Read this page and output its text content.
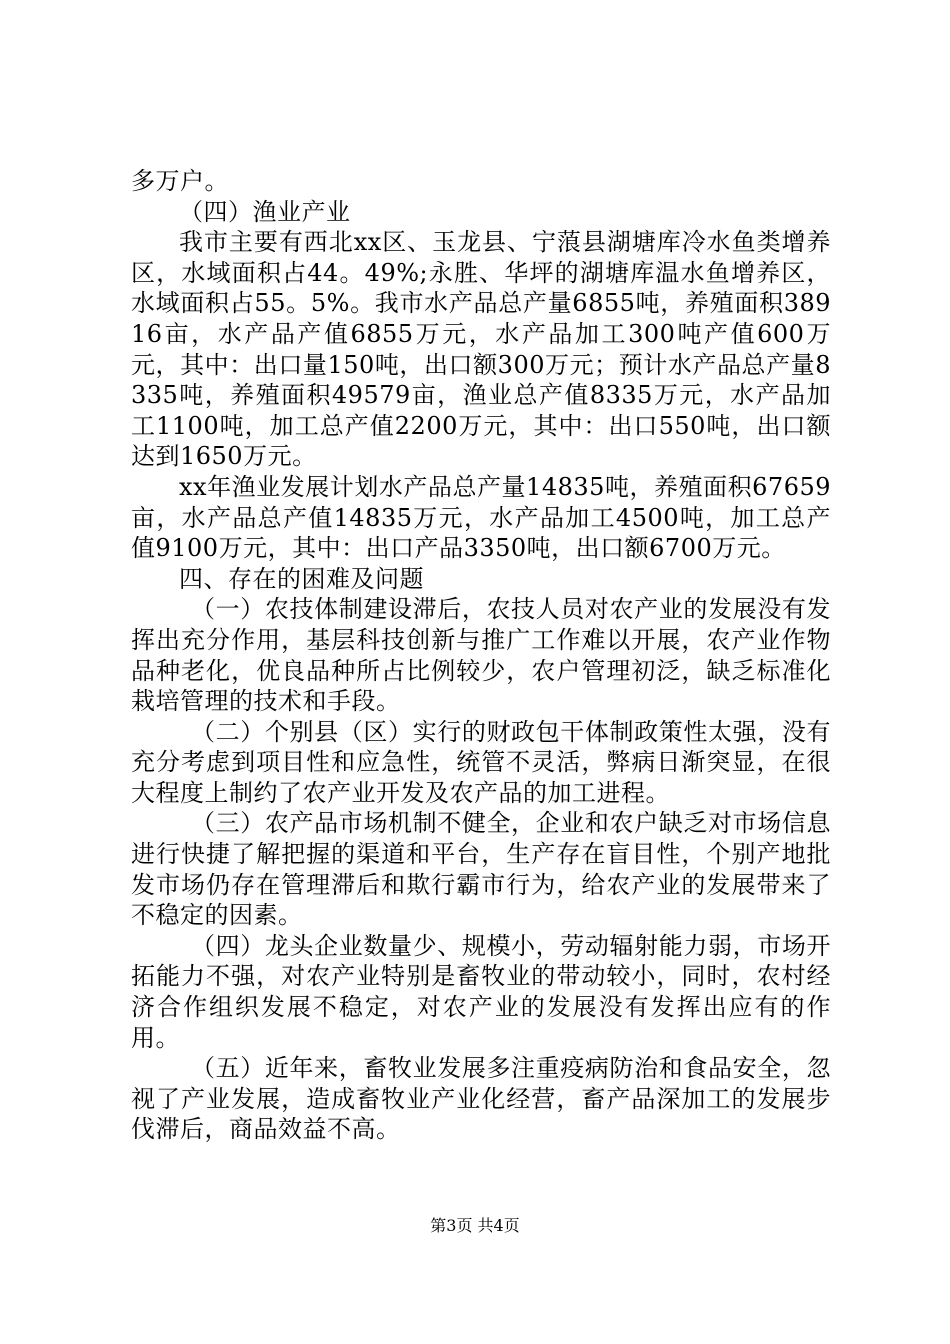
多万户。

（四）渔业产业

我市主要有西北xx区、玉龙县、宁蒗县湖塘库冷水鱼类增养区，水域面积占44。49%;永胜、华坪的湖塘库温水鱼增养区，水域面积占55。5%。我市水产品总产量6855吨，养殖面积38916亩，水产品产值6855万元，水产品加工300吨产值600万元，其中：出口量150吨，出口额300万元；预计水产品总产量8335吨，养殖面积49579亩，渔业总产值8335万元，水产品加工1100吨，加工总产值2200万元，其中：出口550吨，出口额达到1650万元。

xx年渔业发展计划水产品总产量14835吨，养殖面积67659亩，水产品总产值14835万元，水产品加工4500吨，加工总产值9100万元，其中：出口产品3350吨，出口额6700万元。

四、存在的困难及问题

（一）农技体制建设滞后，农技人员对农产业的发展没有发挥出充分作用，基层科技创新与推广工作难以开展，农产业作物品种老化，优良品种所占比例较少，农户管理初泛，缺乏标准化栽培管理的技术和手段。

（二）个别县（区）实行的财政包干体制政策性太强，没有充分考虑到项目性和应急性，统管不灵活，弊病日渐突显，在很大程度上制约了农产业开发及农产品的加工进程。

（三）农产品市场机制不健全，企业和农户缺乏对市场信息进行快捷了解把握的渠道和平台，生产存在盲目性，个别产地批发市场仍存在管理滞后和欺行霸市行为，给农产业的发展带来了不稳定的因素。

（四）龙头企业数量少、规模小，劳动辐射能力弱，市场开拓能力不强，对农产业特别是畜牧业的带动较小，同时，农村经济合作组织发展不稳定，对农产业的发展没有发挥出应有的作用。

（五）近年来，畜牧业发展多注重疫病防治和食品安全，忽视了产业发展，造成畜牧业产业化经营，畜产品深加工的发展步伐滞后，商品效益不高。

第3页 共4页
